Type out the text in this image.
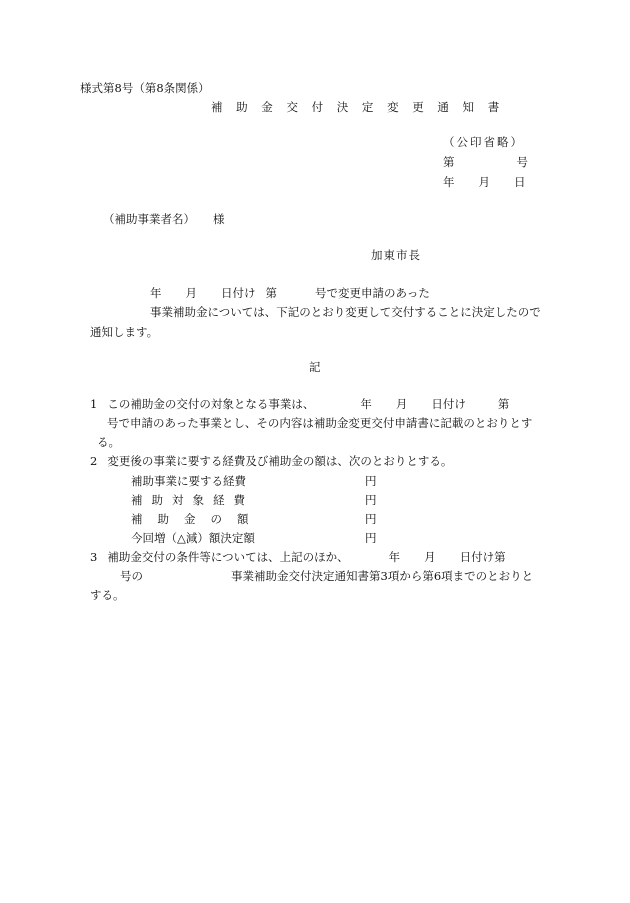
様式第8号（第8条関係）
補 助 金 交 付 決 定 変 更 通 知 書
（公印省略）
第	号
年 月 日
（補助事業者名） 様
加東市長
年 月 日付け 第	号で変更申請のあった
事業補助金については、下記のとおり変更して交付することに決定したので
通知します。
記
1 この補助金の交付の対象となる事業は、	年 月 日付け	第
号で申請のあった事業とし、その内容は補助金変更交付申請書に記載のとおりとす
る。
2 変更後の事業に要する経費及び補助金の額は、次のとおりとする。
補助事業に要する経費	円
補助対象経費	円
補助金の額	円
今回増（△減）額決定額	円
3 補助金交付の条件等については、上記のほか、	年 月 日付け第
号の	事業補助金交付決定通知書第3項から第6項までのとおりと
する。
